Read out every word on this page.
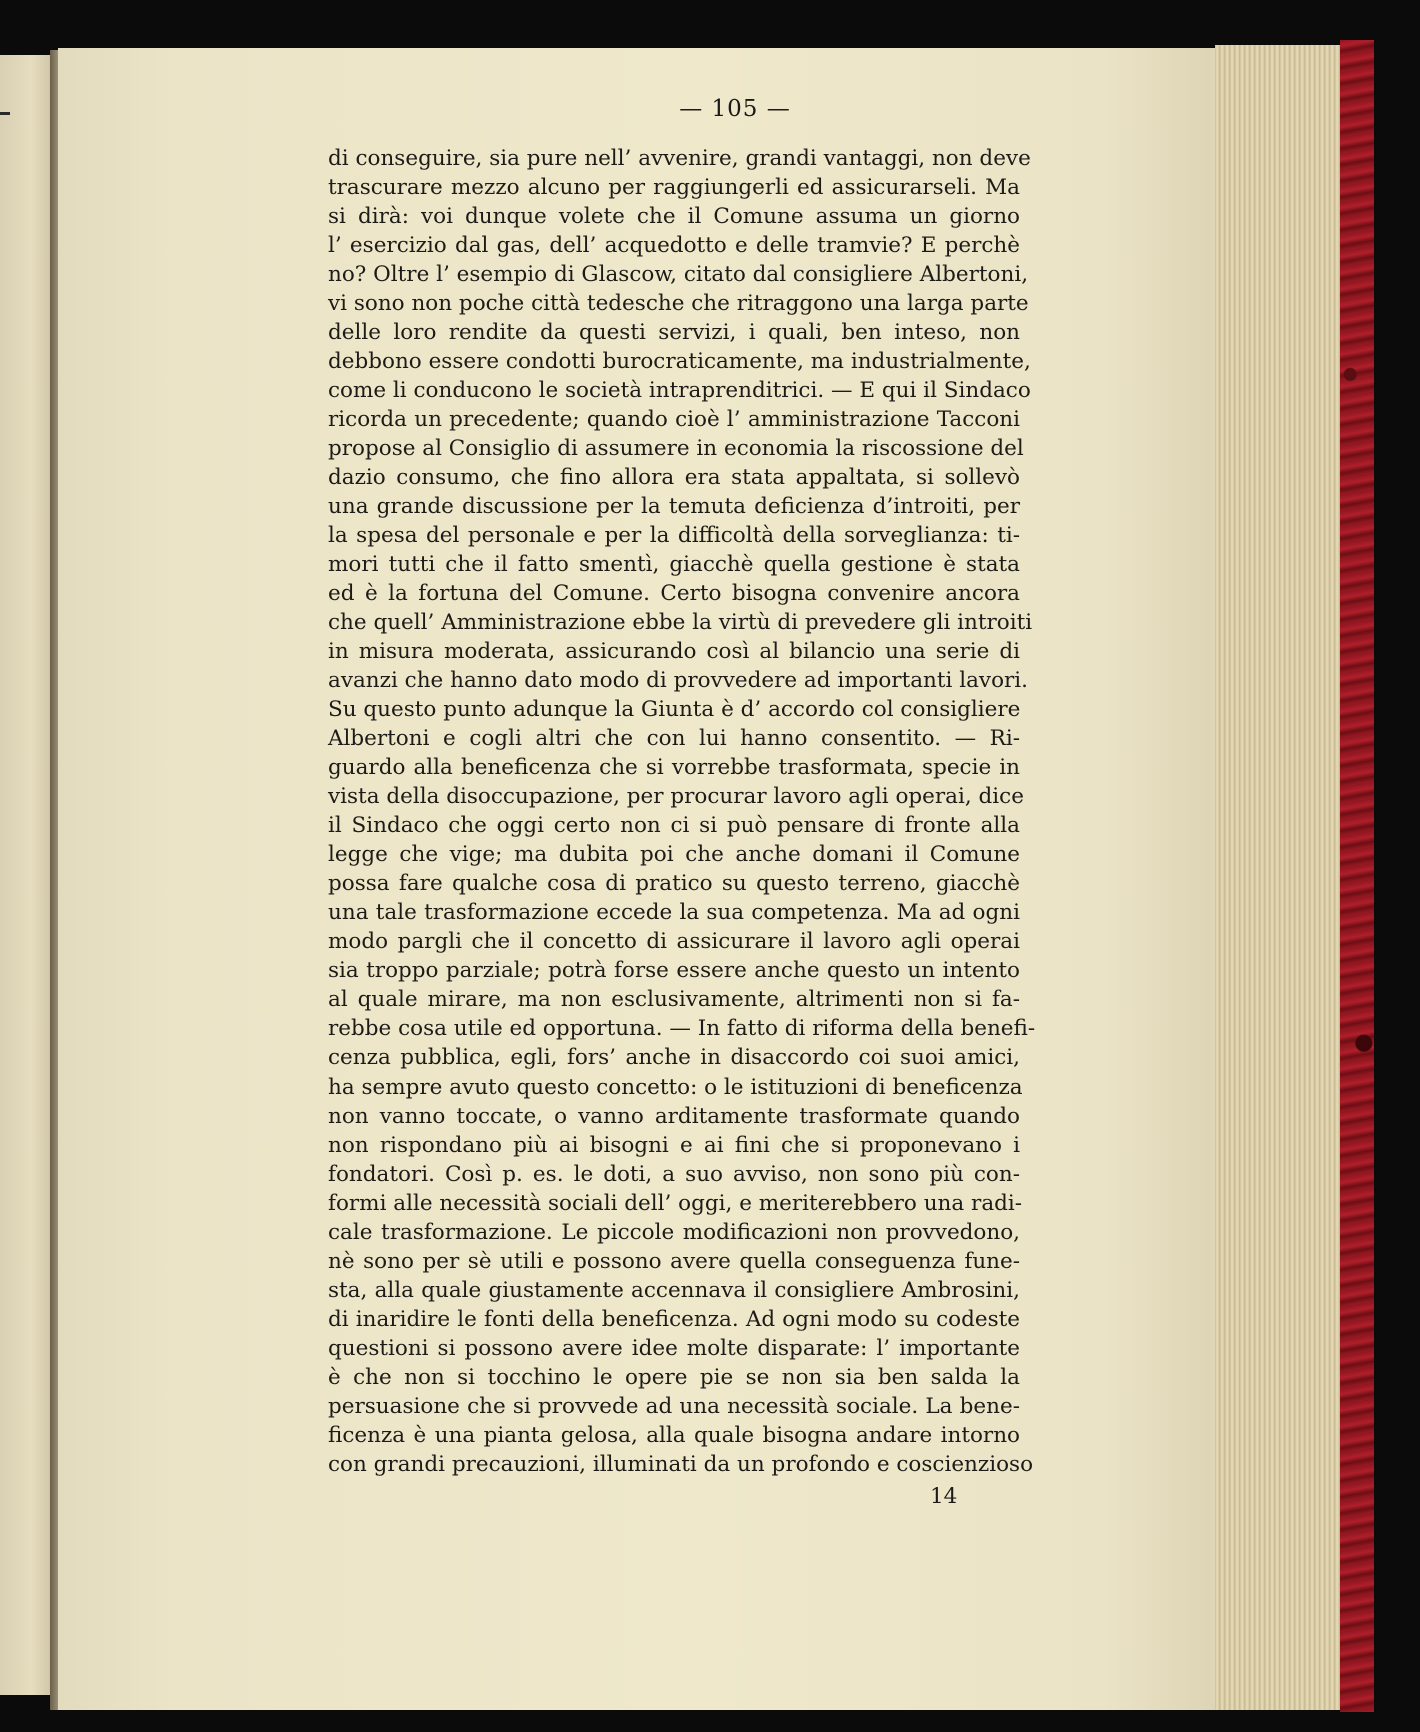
— 105 —
di conseguire, sia pure nell’ avvenire, grandi vantaggi, non deve
trascurare mezzo alcuno per raggiungerli ed assicurarseli. Ma
si dirà: voi dunque volete che il Comune assuma un giorno
l’ esercizio dal gas, dell’ acquedotto e delle tramvie? E perchè
no? Oltre l’ esempio di Glascow, citato dal consigliere Albertoni,
vi sono non poche città tedesche che ritraggono una larga parte
delle loro rendite da questi servizi, i quali, ben inteso, non
debbono essere condotti burocraticamente, ma industrialmente,
come li conducono le società intraprenditrici. — E qui il Sindaco
ricorda un precedente; quando cioè l’ amministrazione Tacconi
propose al Consiglio di assumere in economia la riscossione del
dazio consumo, che fino allora era stata appaltata, si sollevò
una grande discussione per la temuta deficienza d’introiti, per
la spesa del personale e per la difficoltà della sorveglianza: ti-
mori tutti che il fatto smentì, giacchè quella gestione è stata
ed è la fortuna del Comune. Certo bisogna convenire ancora
che quell’ Amministrazione ebbe la virtù di prevedere gli introiti
in misura moderata, assicurando così al bilancio una serie di
avanzi che hanno dato modo di provvedere ad importanti lavori.
Su questo punto adunque la Giunta è d’ accordo col consigliere
Albertoni e cogli altri che con lui hanno consentito. — Ri-
guardo alla beneficenza che si vorrebbe trasformata, specie in
vista della disoccupazione, per procurar lavoro agli operai, dice
il Sindaco che oggi certo non ci si può pensare di fronte alla
legge che vige; ma dubita poi che anche domani il Comune
possa fare qualche cosa di pratico su questo terreno, giacchè
una tale trasformazione eccede la sua competenza. Ma ad ogni
modo pargli che il concetto di assicurare il lavoro agli operai
sia troppo parziale; potrà forse essere anche questo un intento
al quale mirare, ma non esclusivamente, altrimenti non si fa-
rebbe cosa utile ed opportuna. — In fatto di riforma della benefi-
cenza pubblica, egli, fors’ anche in disaccordo coi suoi amici,
ha sempre avuto questo concetto: o le istituzioni di beneficenza
non vanno toccate, o vanno arditamente trasformate quando
non rispondano più ai bisogni e ai fini che si proponevano i
fondatori. Così p. es. le doti, a suo avviso, non sono più con-
formi alle necessità sociali dell’ oggi, e meriterebbero una radi-
cale trasformazione. Le piccole modificazioni non provvedono,
nè sono per sè utili e possono avere quella conseguenza fune-
sta, alla quale giustamente accennava il consigliere Ambrosini,
di inaridire le fonti della beneficenza. Ad ogni modo su codeste
questioni si possono avere idee molte disparate: l’ importante
è che non si tocchino le opere pie se non sia ben salda la
persuasione che si provvede ad una necessità sociale. La bene-
ficenza è una pianta gelosa, alla quale bisogna andare intorno
con grandi precauzioni, illuminati da un profondo e coscienzioso
14
